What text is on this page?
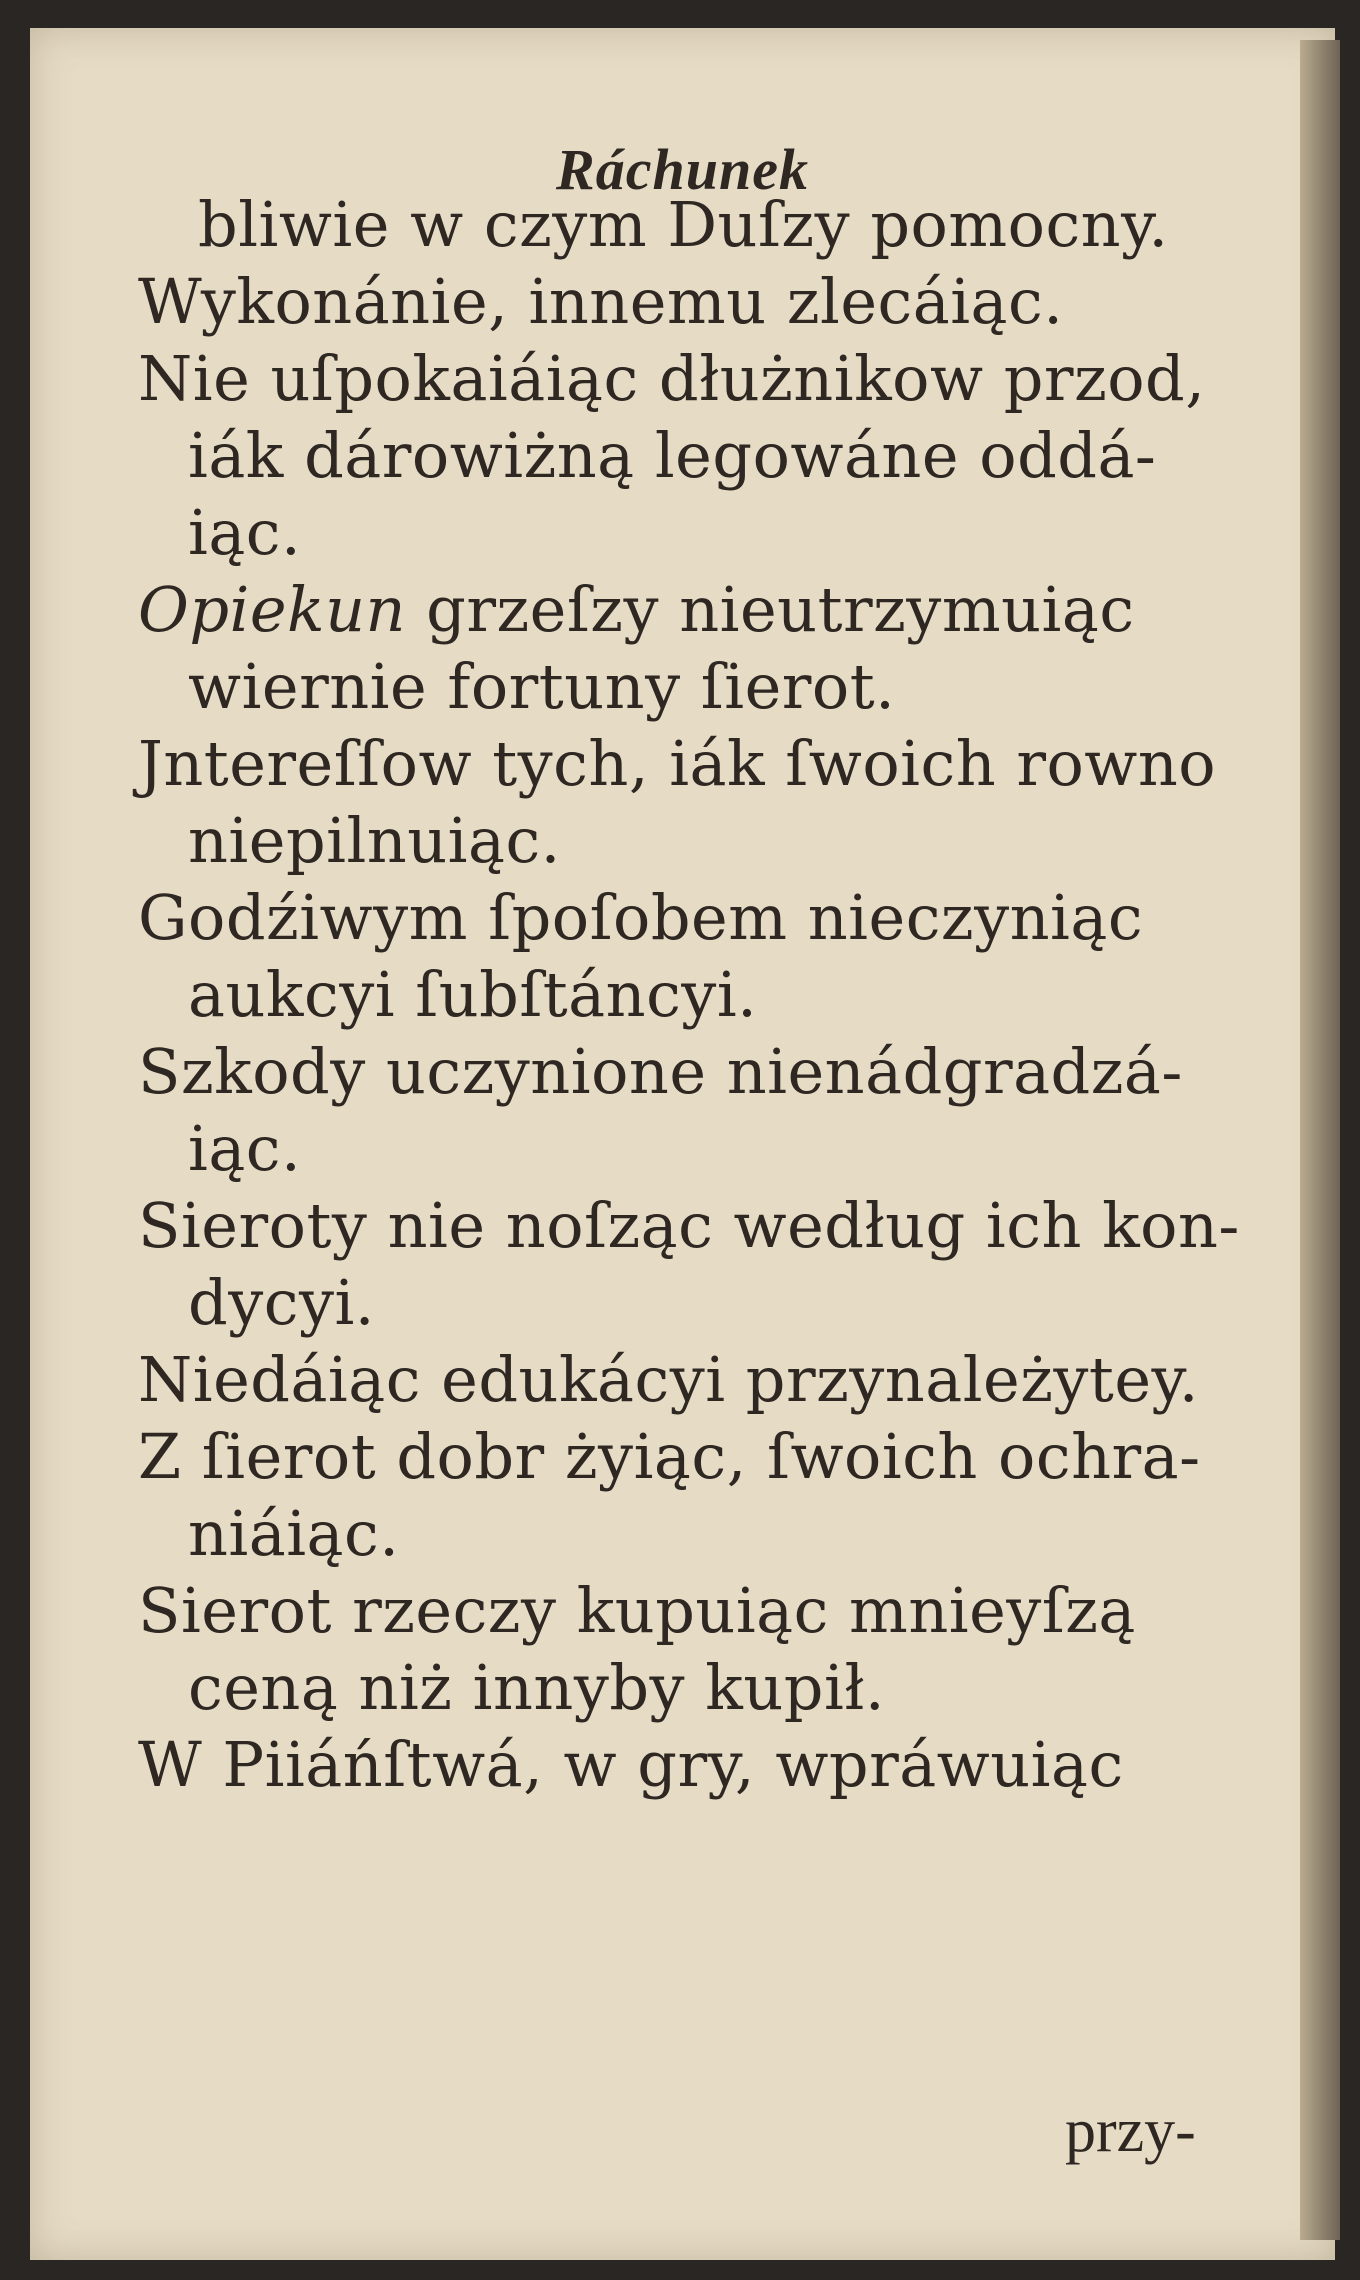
Ráchunek
bliwie w czym Duſzy pomocny.
Wykonánie, innemu zlecáiąc.
Nie uſpokaiáiąc dłużnikow przod,
iák dárowiżną legowáne oddá-
iąc.
Opiekun grzeſzy nieutrzymuiąc
wiernie fortuny ſierot.
Jntereſſow tych, iák ſwoich rowno
niepilnuiąc.
Godźiwym ſpoſobem nieczyniąc
aukcyi ſubſtáncyi.
Szkody uczynione nienádgradzá-
iąc.
Sieroty nie noſząc według ich kon-
dycyi.
Niedáiąc edukácyi przynależytey.
Z ſierot dobr żyiąc, ſwoich ochra-
niáiąc.
Sierot rzeczy kupuiąc mnieyſzą
ceną niż innyby kupił.
W Piiáńſtwá, w gry, wpráwuiąc
przy-
